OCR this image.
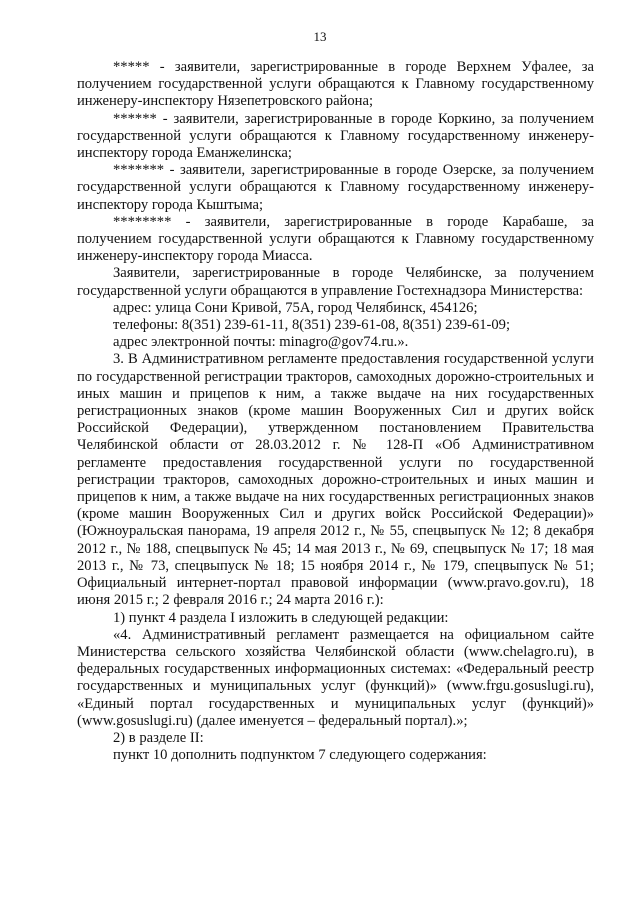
13

***** - заявители, зарегистрированные в городе Верхнем Уфалее, за получением государственной услуги обращаются к Главному государственному инженеру-инспектору Нязепетровского района;

****** - заявители, зарегистрированные в городе Коркино, за получением государственной услуги обращаются к Главному государственному инженеру-инспектору города Еманжелинска;

******* - заявители, зарегистрированные в городе Озерске, за получением государственной услуги обращаются к Главному государственному инженеру-инспектору города Кыштыма;

******** - заявители, зарегистрированные в городе Карабаше, за получением государственной услуги обращаются к Главному государственному инженеру-инспектору города Миасса.

Заявители, зарегистрированные в городе Челябинске, за получением государственной услуги обращаются в управление Гостехнадзора Министерства:

адрес: улица Сони Кривой, 75А, город Челябинск, 454126;

телефоны: 8(351) 239-61-11, 8(351) 239-61-08, 8(351) 239-61-09;

адрес электронной почты: minagro@gov74.ru.».

3. В Административном регламенте предоставления государственной услуги по государственной регистрации тракторов, самоходных дорожно-строительных и иных машин и прицепов к ним, а также выдаче на них государственных регистрационных знаков (кроме машин Вооруженных Сил и других войск Российской Федерации), утвержденном постановлением Правительства Челябинской области от 28.03.2012 г. № 128-П «Об Административном регламенте предоставления государственной услуги по государственной регистрации тракторов, самоходных дорожно-строительных и иных машин и прицепов к ним, а также выдаче на них государственных регистрационных знаков (кроме машин Вооруженных Сил и других войск Российской Федерации)» (Южноуральская панорама, 19 апреля 2012 г., № 55, спецвыпуск № 12; 8 декабря 2012 г., № 188, спецвыпуск № 45; 14 мая 2013 г., № 69, спецвыпуск № 17; 18 мая 2013 г., № 73, спецвыпуск № 18; 15 ноября 2014 г., № 179, спецвыпуск № 51; Официальный интернет-портал правовой информации (www.pravo.gov.ru), 18 июня 2015 г.; 2 февраля 2016 г.; 24 марта 2016 г.):

1) пункт 4 раздела I изложить в следующей редакции:

«4. Административный регламент размещается на официальном сайте Министерства сельского хозяйства Челябинской области (www.chelagro.ru), в федеральных государственных информационных системах: «Федеральный реестр государственных и муниципальных услуг (функций)» (www.frgu.gosuslugi.ru), «Единый портал государственных и муниципальных услуг (функций)» (www.gosuslugi.ru) (далее именуется – федеральный портал).»;

2) в разделе II:

пункт 10 дополнить подпунктом 7 следующего содержания:
